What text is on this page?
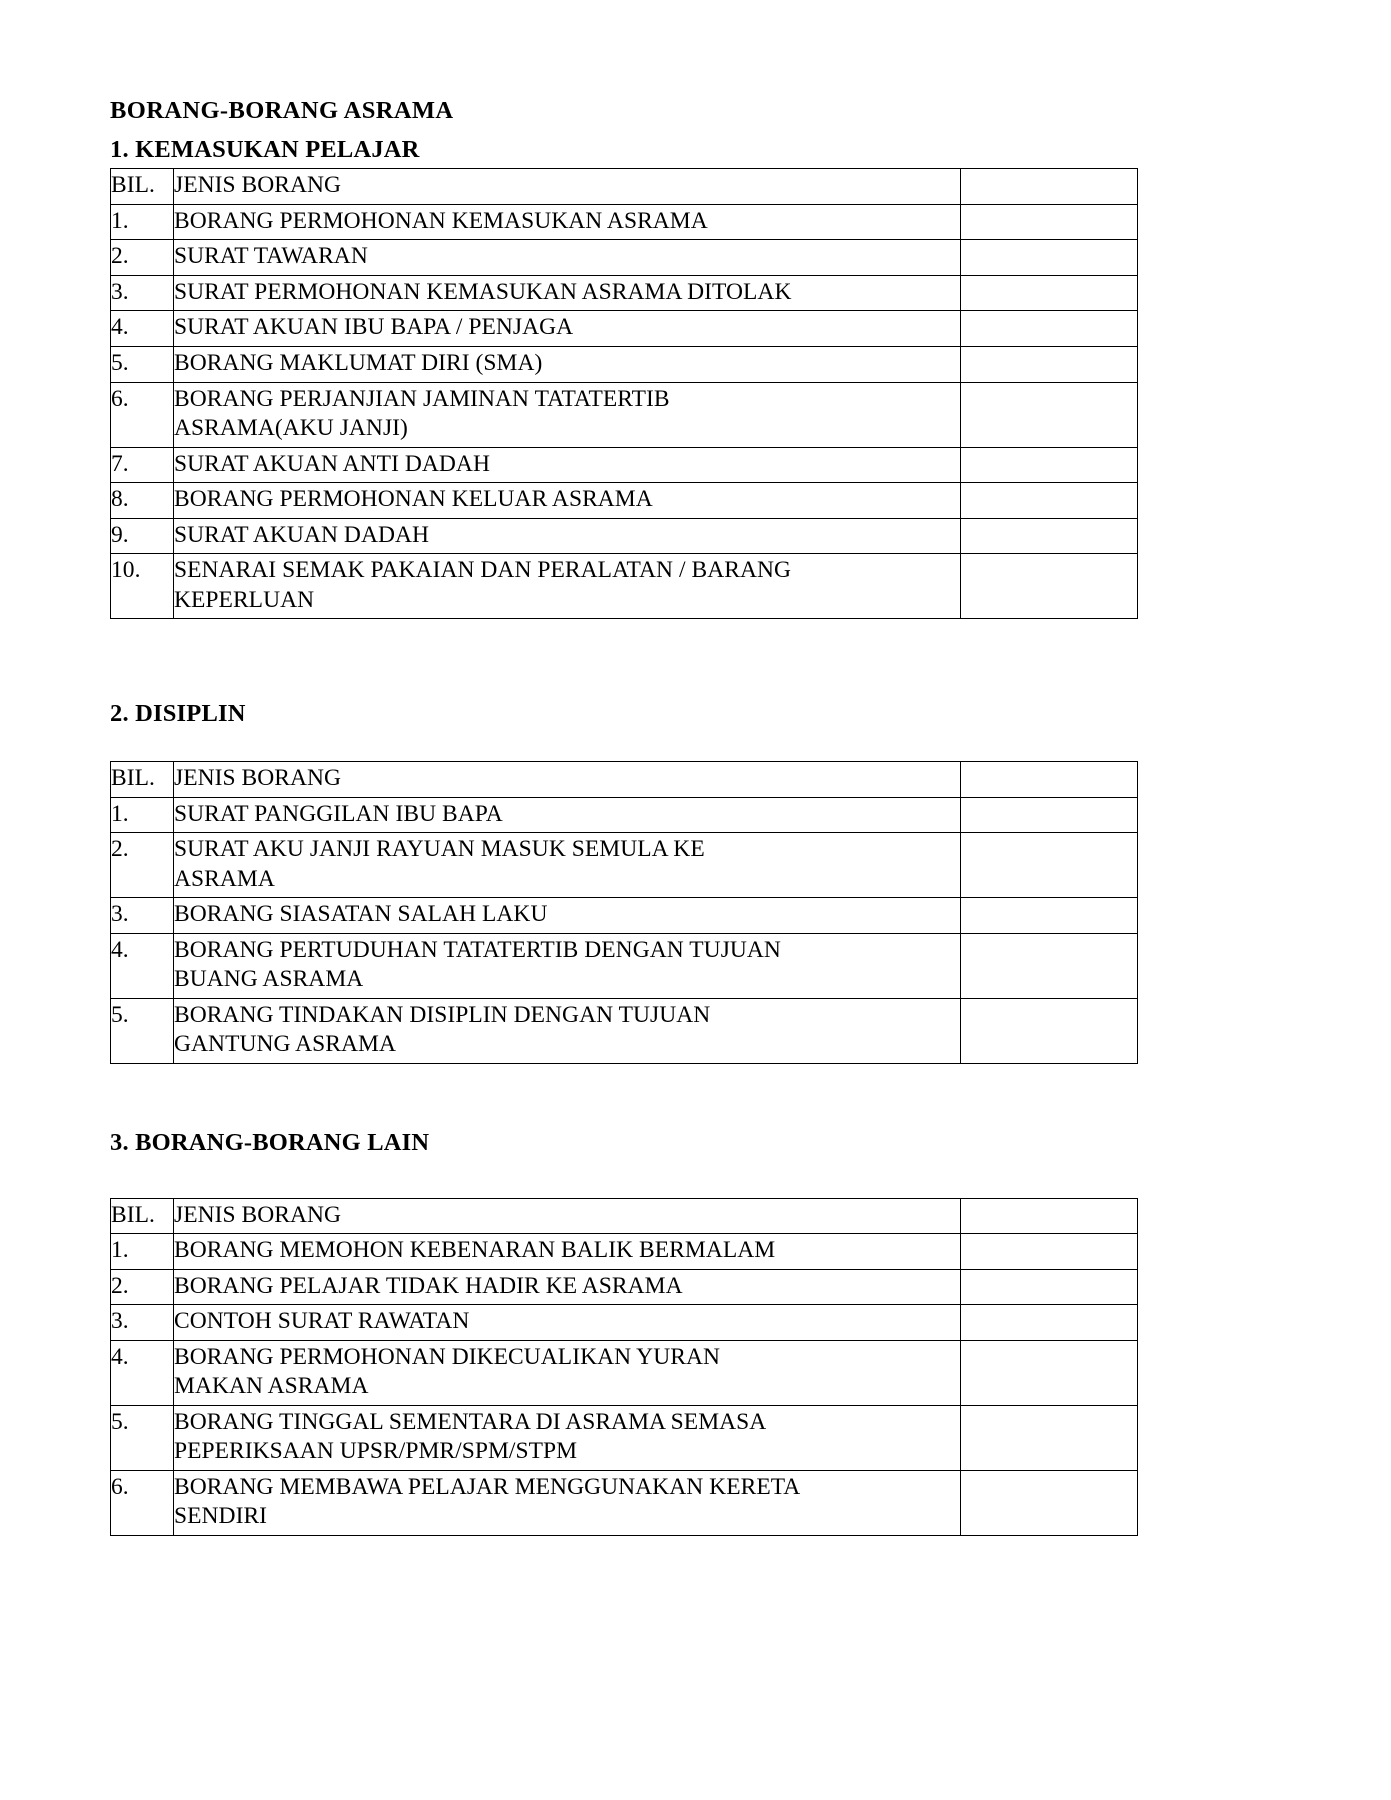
BORANG-BORANG ASRAMA
1. KEMASUKAN PELAJAR
BIL.	JENIS BORANG	
1.	BORANG PERMOHONAN KEMASUKAN ASRAMA	

2.	SURAT TAWARAN	

3.	SURAT PERMOHONAN KEMASUKAN ASRAMA DITOLAK	

4.	SURAT AKUAN IBU BAPA / PENJAGA	

5.	BORANG MAKLUMAT DIRI (SMA)	

6.	BORANG PERJANJIAN JAMINAN TATATERTIB
ASRAMA(AKU JANJI)	

7.	SURAT AKUAN ANTI DADAH	

8.	BORANG PERMOHONAN KELUAR ASRAMA	

9.	SURAT AKUAN DADAH	

10.	SENARAI SEMAK PAKAIAN DAN PERALATAN / BARANG
KEPERLUAN	

2. DISIPLIN
BIL.	JENIS BORANG	
1.	SURAT PANGGILAN IBU BAPA	

2.	SURAT AKU JANJI RAYUAN MASUK SEMULA KE
ASRAMA	

3.	BORANG SIASATAN SALAH LAKU	

4.	BORANG PERTUDUHAN TATATERTIB DENGAN TUJUAN
BUANG ASRAMA	

5.	BORANG TINDAKAN DISIPLIN DENGAN TUJUAN
GANTUNG ASRAMA	

3. BORANG-BORANG LAIN
BIL.	JENIS BORANG	
1.	BORANG MEMOHON KEBENARAN BALIK BERMALAM	

2.	BORANG PELAJAR TIDAK HADIR KE ASRAMA	

3.	CONTOH SURAT RAWATAN	

4.	BORANG PERMOHONAN DIKECUALIKAN YURAN
MAKAN ASRAMA	

5.	BORANG TINGGAL SEMENTARA DI ASRAMA SEMASA
PEPERIKSAAN UPSR/PMR/SPM/STPM	

6.	BORANG MEMBAWA PELAJAR MENGGUNAKAN KERETA
SENDIRI	
